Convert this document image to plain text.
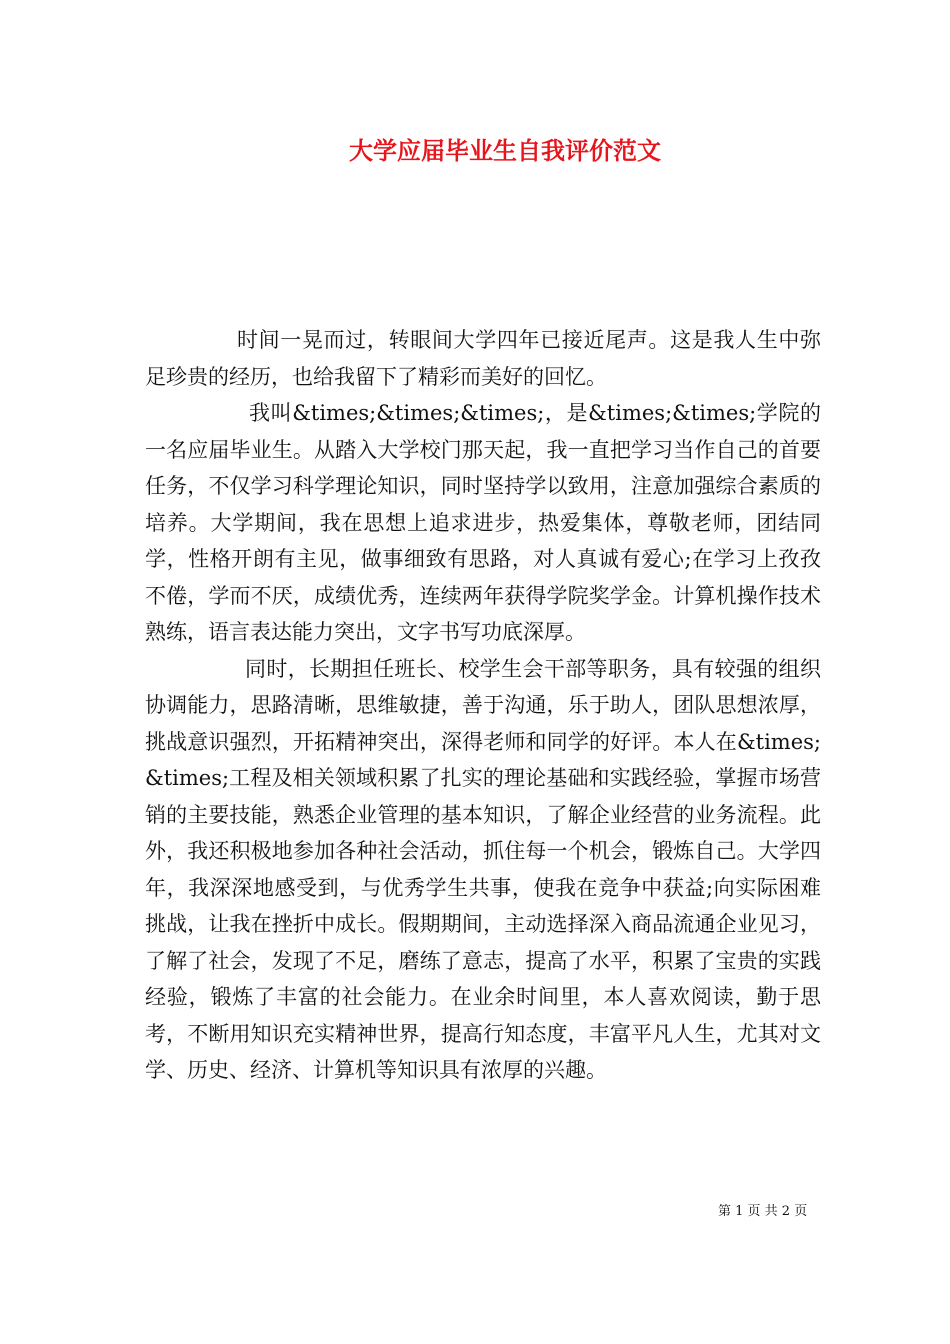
大学应届毕业生自我评价范文

时间一晃而过，转眼间大学四年已接近尾声。这是我人生中弥足珍贵的经历，也给我留下了精彩而美好的回忆。

我叫&times;&times;&times;，是&times;&times;学院的一名应届毕业生。从踏入大学校门那天起，我一直把学习当作自己的首要任务，不仅学习科学理论知识，同时坚持学以致用，注意加强综合素质的培养。大学期间，我在思想上追求进步，热爱集体，尊敬老师，团结同学，性格开朗有主见，做事细致有思路，对人真诚有爱心;在学习上孜孜不倦，学而不厌，成绩优秀，连续两年获得学院奖学金。计算机操作技术熟练，语言表达能力突出，文字书写功底深厚。

同时，长期担任班长、校学生会干部等职务，具有较强的组织协调能力，思路清晰，思维敏捷，善于沟通，乐于助人，团队思想浓厚，挑战意识强烈，开拓精神突出，深得老师和同学的好评。本人在&times;&times;工程及相关领域积累了扎实的理论基础和实践经验，掌握市场营销的主要技能，熟悉企业管理的基本知识，了解企业经营的业务流程。此外，我还积极地参加各种社会活动，抓住每一个机会，锻炼自己。大学四年，我深深地感受到，与优秀学生共事，使我在竞争中获益;向实际困难挑战，让我在挫折中成长。假期期间，主动选择深入商品流通企业见习，了解了社会，发现了不足，磨练了意志，提高了水平，积累了宝贵的实践经验，锻炼了丰富的社会能力。在业余时间里，本人喜欢阅读，勤于思考，不断用知识充实精神世界，提高行知态度，丰富平凡人生，尤其对文学、历史、经济、计算机等知识具有浓厚的兴趣。

第 1 页 共 2 页
